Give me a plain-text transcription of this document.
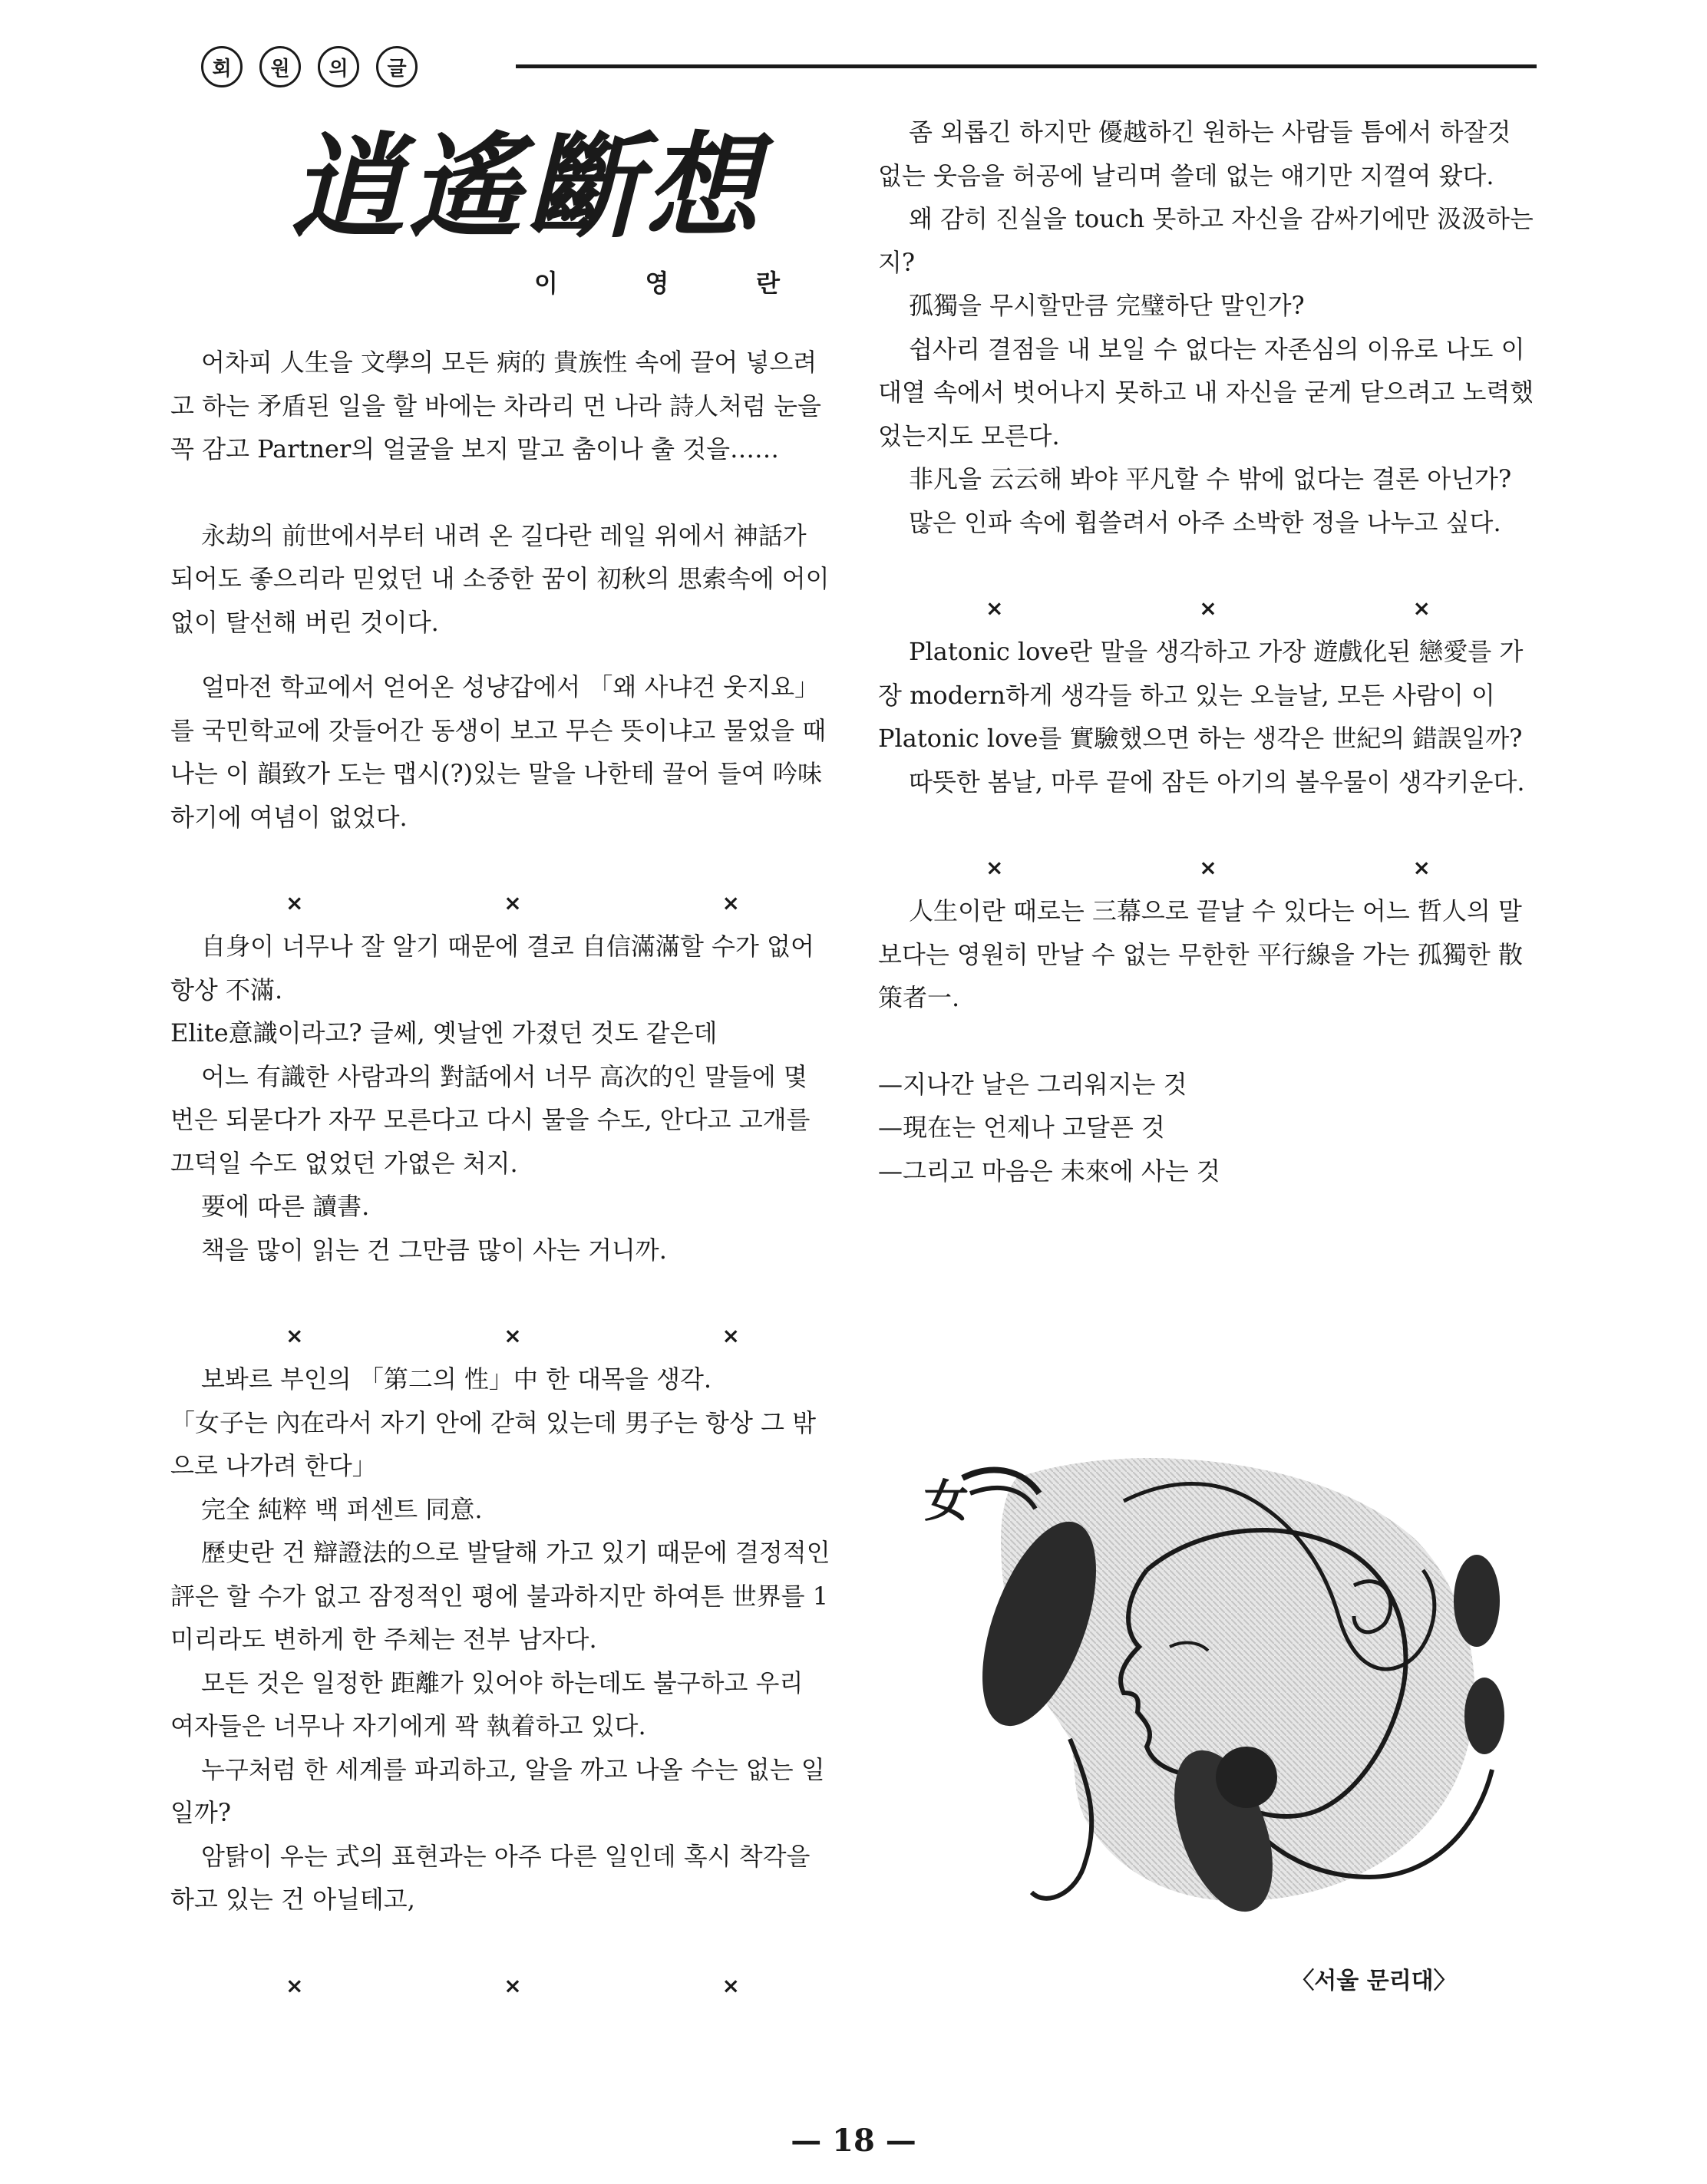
회	원	의	글
逍遙斷想
이	영	란

어차피 人生을 文學의 모든 病的 貴族性 속에 끌어 넣으려고 하는 矛盾된 일을 할 바에는 차라리 먼 나라 詩人처럼 눈을 꼭 감고 Partner의 얼굴을 보지 말고 춤이나 출 것을……

永劫의 前世에서부터 내려 온 길다란 레일 위에서 神話가 되어도 좋으리라 믿었던 내 소중한 꿈이 初秋의 思索속에 어이 없이 탈선해 버린 것이다.

얼마전 학교에서 얻어온 성냥갑에서 「왜 사냐건 웃지요」를 국민학교에 갓들어간 동생이 보고 무슨 뜻이냐고 물었을 때 나는 이 韻致가 도는 맵시(?)있는 말을 나한테 끌어 들여 吟味하기에 여념이 없었다.

×	×	×

自身이 너무나 잘 알기 때문에 결코 自信滿滿할 수가 없어 항상 不滿.

Elite意識이라고? 글쎄, 옛날엔 가졌던 것도 같은데

어느 有識한 사람과의 對話에서 너무 高次的인 말들에 몇 번은 되묻다가 자꾸 모른다고 다시 물을 수도, 안다고 고개를 끄덕일 수도 없었던 가엾은 처지.

要에 따른 讀書.

책을 많이 읽는 건 그만큼 많이 사는 거니까.

×	×	×

보봐르 부인의 「第二의 性」中 한 대목을 생각.

「女子는 內在라서 자기 안에 갇혀 있는데 男子는 항상 그 밖으로 나가려 한다」

完全 純粹 백 퍼센트 同意.

歷史란 건 辯證法的으로 발달해 가고 있기 때문에 결정적인 評은 할 수가 없고 잠정적인 평에 불과하지만 하여튼 世界를 1미리라도 변하게 한 주체는 전부 남자다.

모든 것은 일정한 距離가 있어야 하는데도 불구하고 우리 여자들은 너무나 자기에게 꽉 執着하고 있다.

누구처럼 한 세계를 파괴하고, 알을 까고 나올 수는 없는 일일까?

암탉이 우는 式의 표현과는 아주 다른 일인데 혹시 착각을 하고 있는 건 아닐테고,

×	×	×

좀 외롭긴 하지만 優越하긴 원하는 사람들 틈에서 하잘것 없는 웃음을 허공에 날리며 쓸데 없는 얘기만 지껄여 왔다.

왜 감히 진실을 touch 못하고 자신을 감싸기에만 汲汲하는지?

孤獨을 무시할만큼 完璧하단 말인가?

쉽사리 결점을 내 보일 수 없다는 자존심의 이유로 나도 이 대열 속에서 벗어나지 못하고 내 자신을 굳게 닫으려고 노력했었는지도 모른다.

非凡을 云云해 봐야 平凡할 수 밖에 없다는 결론 아닌가?

많은 인파 속에 휩쓸려서 아주 소박한 정을 나누고 싶다.

×	×	×

Platonic love란 말을 생각하고 가장 遊戲化된 戀愛를 가장 modern하게 생각들 하고 있는 오늘날, 모든 사람이 이 Platonic love를 實驗했으면 하는 생각은 世紀의 錯誤일까?

따뜻한 봄날, 마루 끝에 잠든 아기의 볼우물이 생각키운다.

×	×	×

人生이란 때로는 三幕으로 끝날 수 있다는 어느 哲人의 말보다는 영원히 만날 수 없는 무한한 平行線을 가는 孤獨한 散策者一.

—지나간 날은 그리워지는 것

—現在는 언제나 고달픈 것

—그리고 마음은 未來에 사는 것

女
〈서울 문리대〉
— 18 —
